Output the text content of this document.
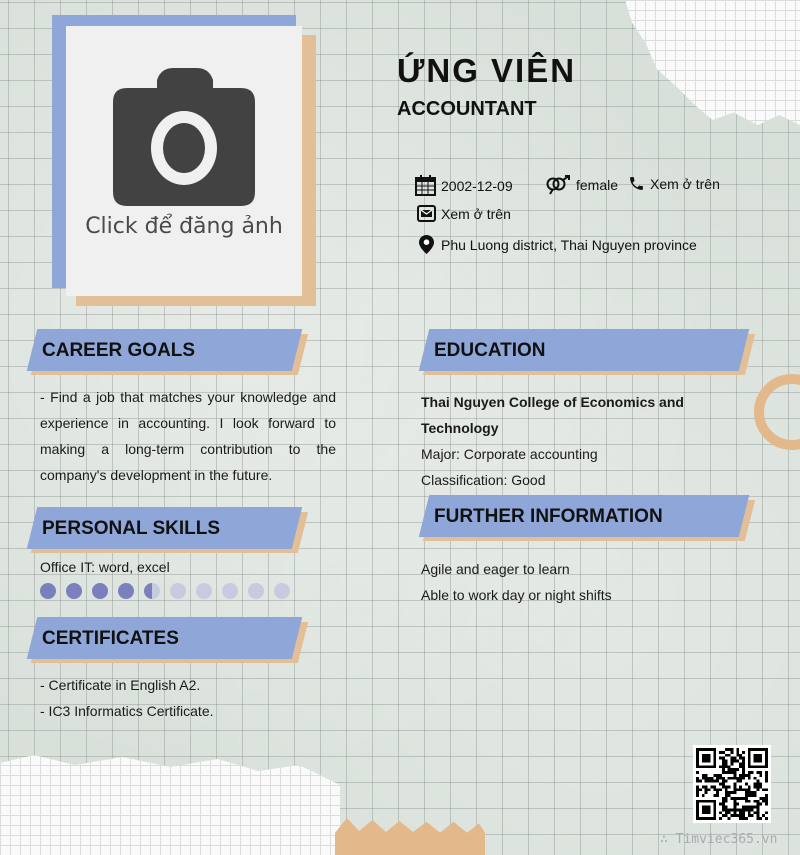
Click để đăng ảnh
ỨNG VIÊN
ACCOUNTANT
2002-12-09	female Xem ở trên
Xem ở trên
Phu Luong district, Thai Nguyen province
CAREER GOALS
- Find a job that matches your knowledge and experience in accounting. I look forward to making a long-term contribution to the company's development in the future.
PERSONAL SKILLS
Office IT: word, excel
CERTIFICATES
- Certificate in English A2.
- IC3 Informatics Certificate.
EDUCATION
Thai Nguyen College of Economics and Technology
Major: Corporate accounting
Classification: Good
FURTHER INFORMATION
Agile and eager to learn
Able to work day or night shifts
∴ Timviec365.vn
